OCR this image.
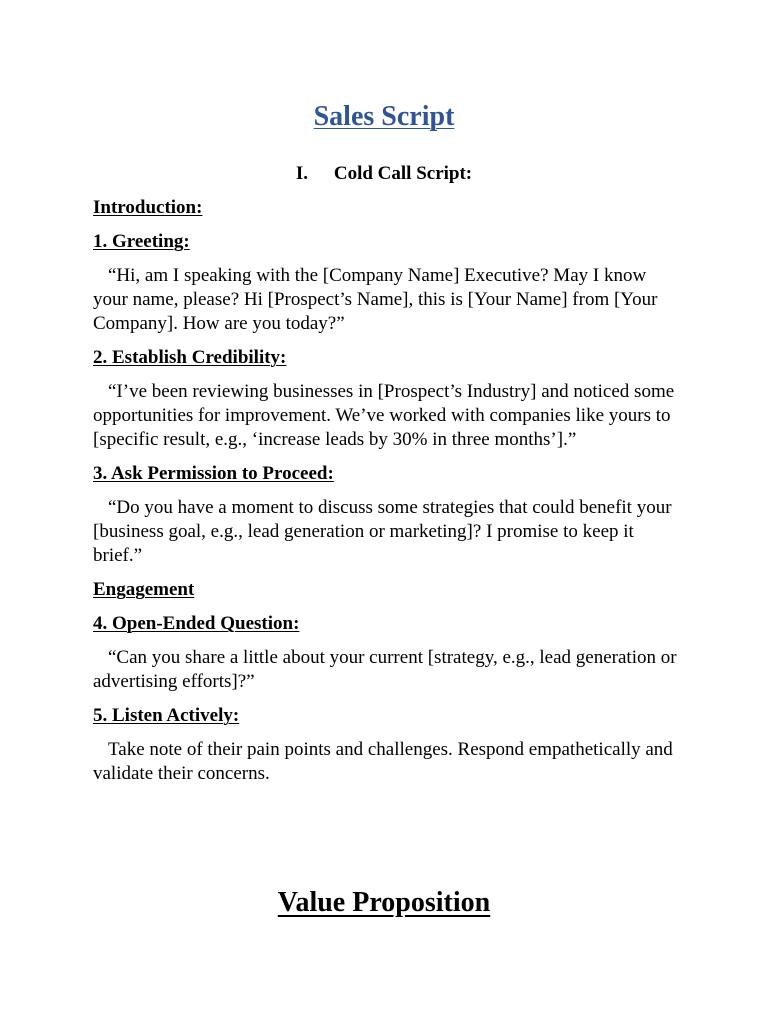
Sales Script
I. Cold Call Script:
Introduction:
1. Greeting:
“Hi, am I speaking with the [Company Name] Executive? May I know your name, please? Hi [Prospect’s Name], this is [Your Name] from [Your Company]. How are you today?”
2. Establish Credibility:
“I’ve been reviewing businesses in [Prospect’s Industry] and noticed some opportunities for improvement. We’ve worked with companies like yours to [specific result, e.g., ‘increase leads by 30% in three months’].”
3. Ask Permission to Proceed:
“Do you have a moment to discuss some strategies that could benefit your [business goal, e.g., lead generation or marketing]? I promise to keep it brief.”
Engagement
4. Open-Ended Question:
“Can you share a little about your current [strategy, e.g., lead generation or advertising efforts]?”
5. Listen Actively:
Take note of their pain points and challenges. Respond empathetically and validate their concerns.
Value Proposition
